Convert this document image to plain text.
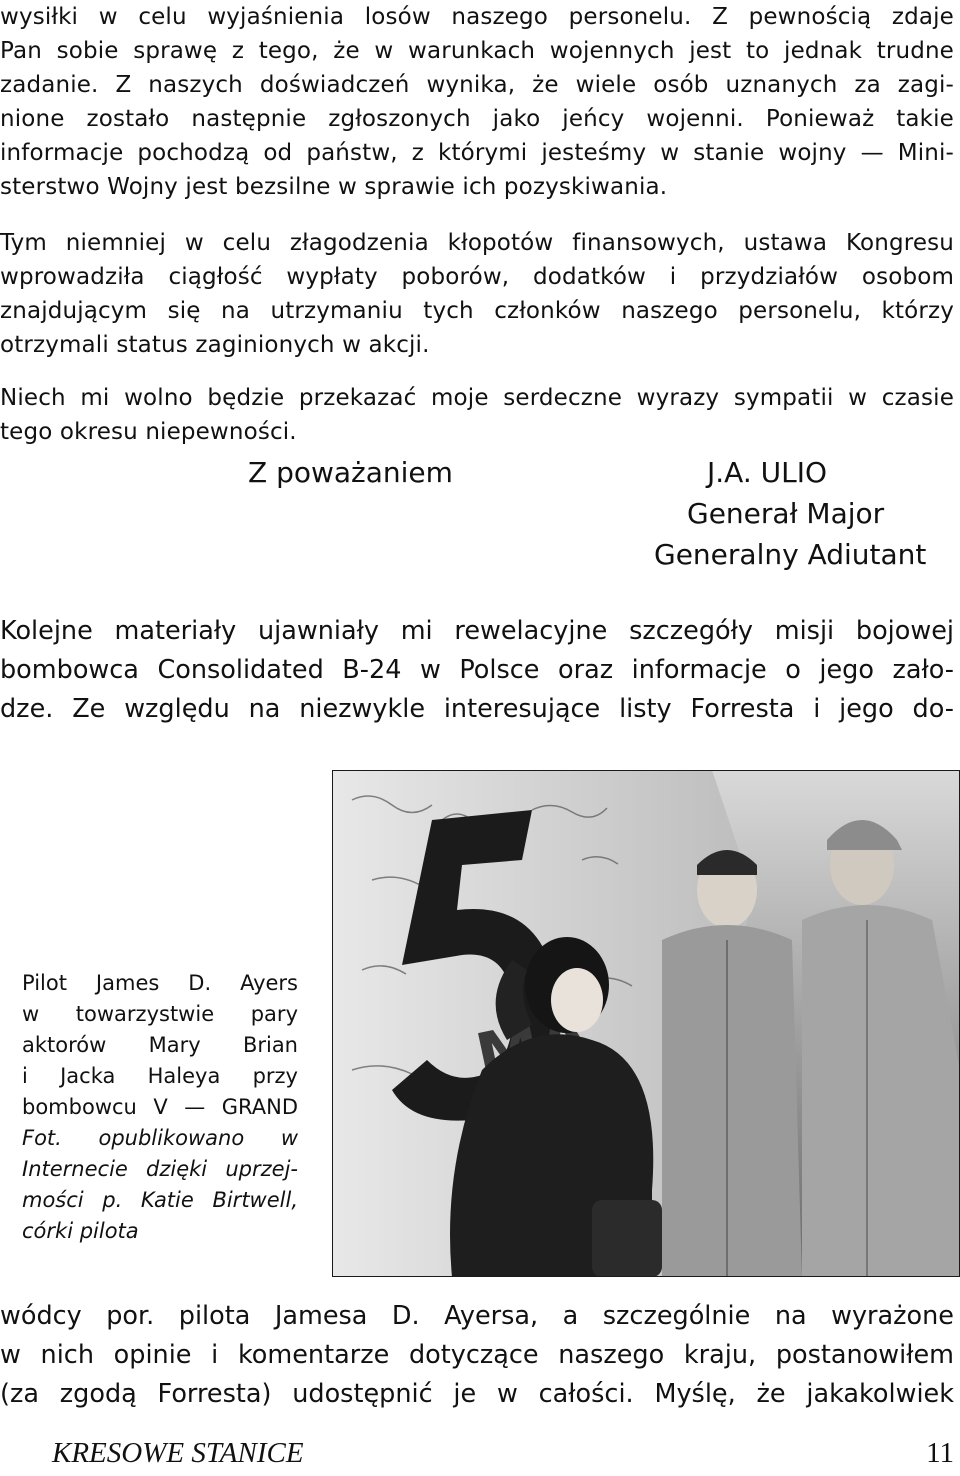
wysiłki w celu wyjaśnienia losów naszego personelu. Z pewnością zdaje
Pan sobie sprawę z tego, że w warunkach wojennych jest to jednak trudne
zadanie. Z naszych doświadczeń wynika, że wiele osób uznanych za zagi-
nione zostało następnie zgłoszonych jako jeńcy wojenni. Ponieważ takie
informacje pochodzą od państw, z którymi jesteśmy w stanie wojny — Mini-
sterstwo Wojny jest bezsilne w sprawie ich pozyskiwania.
Tym niemniej w celu złagodzenia kłopotów finansowych, ustawa Kongresu
wprowadziła ciągłość wypłaty poborów, dodatków i przydziałów osobom
znajdującym się na utrzymaniu tych członków naszego personelu, którzy
otrzymali status zaginionych w akcji.
Niech mi wolno będzie przekazać moje serdeczne wyrazy sympatii w czasie
tego okresu niepewności.
Z poważaniem	J.A. ULIO
Generał Major
Generalny Adiutant
Kolejne materiały ujawniały mi rewelacyjne szczegóły misji bojowej
bombowca Consolidated B-24 w Polsce oraz informacje o jego zało-
dze. Ze względu na niezwykle interesujące listy Forresta i jego do-
Pilot James D. Ayers
w towarzystwie pary
aktorów Mary Brian
i Jacka Haleya przy
bombowcu V — GRAND
Fot. opublikowano w
Internecie dzięki uprzej-
mości p. Katie Birtwell,
córki pilota
wódcy por. pilota Jamesa D. Ayersa, a szczególnie na wyrażone
w nich opinie i komentarze dotyczące naszego kraju, postanowiłem
(za zgodą Forresta) udostępnić je w całości. Myślę, że jakakolwiek
KRESOWE STANICE	11
